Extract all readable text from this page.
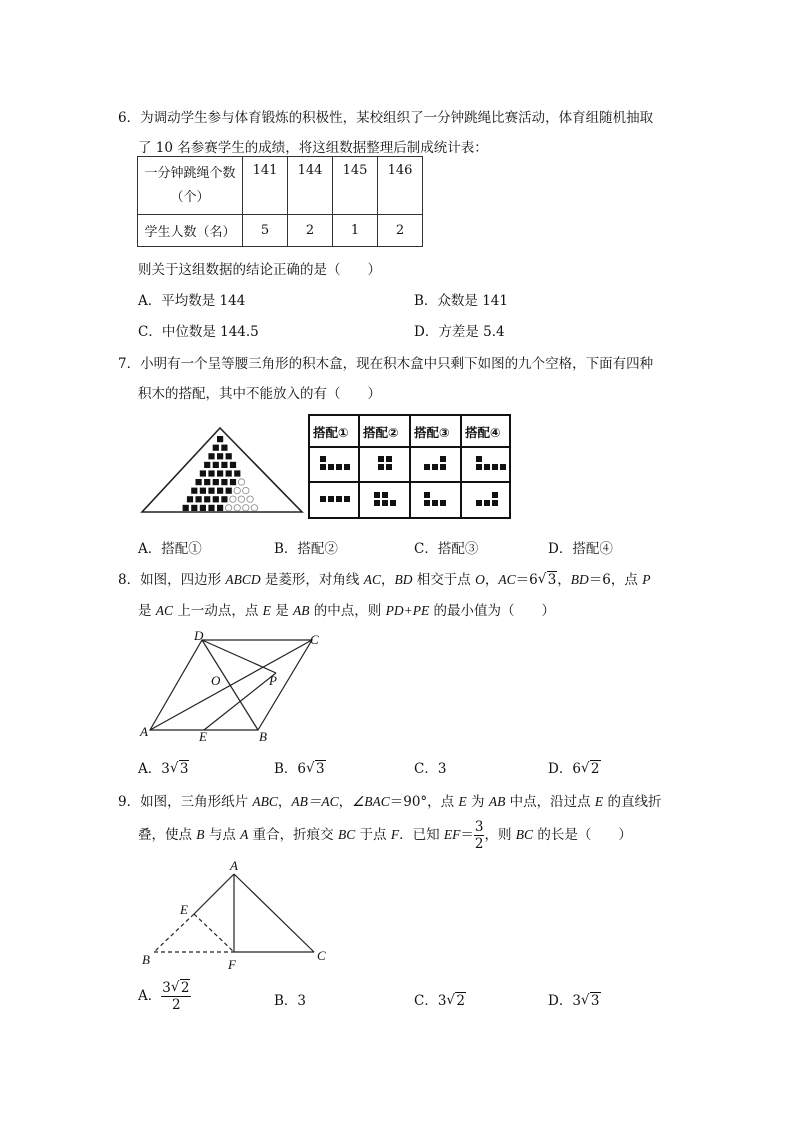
6．为调动学生参与体育锻炼的积极性，某校组织了一分钟跳绳比赛活动，体育组随机抽取
了 10 名参赛学生的成绩，将这组数据整理后制成统计表：
一分钟跳绳个数
（个）	141	144	145	146
学生人数（名）	5	2	1	2
则关于这组数据的结论正确的是（　　）
A．平均数是 144	B．众数是 141
C．中位数是 144.5	D．方差是 5.4
7．小明有一个呈等腰三角形的积木盒，现在积木盒中只剩下如图的九个空格，下面有四种
积木的搭配，其中不能放入的有（　　）
搭配① 搭配② 搭配③ 搭配④
A．搭配①	B．搭配②	C．搭配③	D．搭配④
8．如图，四边形 ABCD 是菱形，对角线 AC，BD 相交于点 O，AC＝6 √ 3，BD＝6，点 P
是 AC 上一动点，点 E 是 AB 的中点，则 PD+PE 的最小值为（　　）
D	C
P
O
A	E	B
A．3 √ 3	B．6 √ 3	C．3	D．6 √ 2
9．如图，三角形纸片 ABC，AB＝AC，∠BAC＝90°，点 E 为 AB 中点，沿过点 E 的直线折
叠，使点 B 与点 A 重合，折痕交 BC 于点 F．已知 $EF= \frac{3}{2}$ ，则 BC 的长是（　　）
A
E
B	F
C
A． $\frac{3 √ 2}{2}$	B．3	C．3 √ 2	D．3 √ 3
